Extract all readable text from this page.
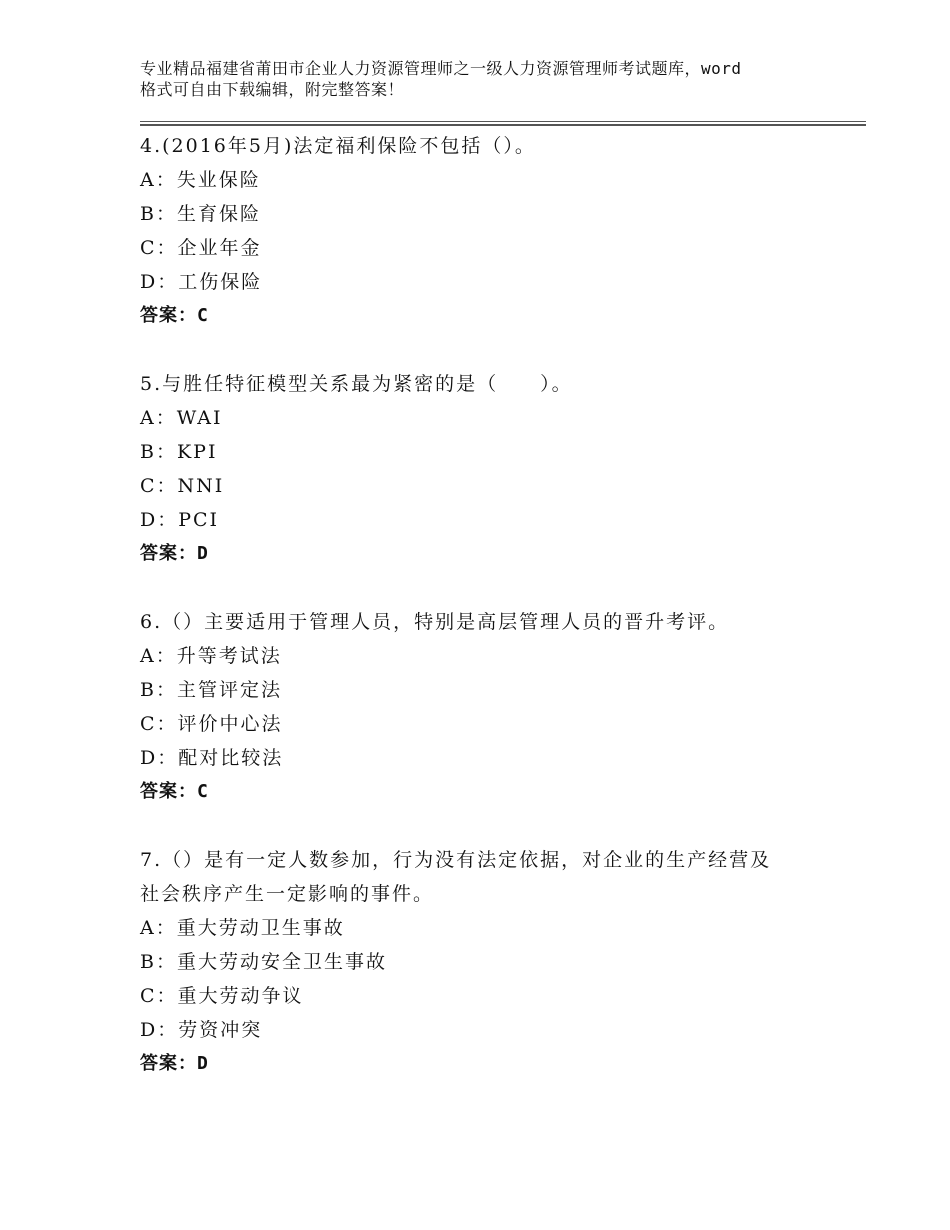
专业精品福建省莆田市企业人力资源管理师之一级人力资源管理师考试题库，word
格式可自由下载编辑，附完整答案！
4.(2016年5月)法定福利保险不包括（）。
A：失业保险
B：生育保险
C：企业年金
D：工伤保险
答案：C
5.与胜任特征模型关系最为紧密的是（　　）。
A：WAI
B：KPI
C：NNI
D：PCI
答案：D
6.（）主要适用于管理人员，特别是高层管理人员的晋升考评。
A：升等考试法
B：主管评定法
C：评价中心法
D：配对比较法
答案：C
7.（）是有一定人数参加，行为没有法定依据，对企业的生产经营及
社会秩序产生一定影响的事件。
A：重大劳动卫生事故
B：重大劳动安全卫生事故
C：重大劳动争议
D：劳资冲突
答案：D
